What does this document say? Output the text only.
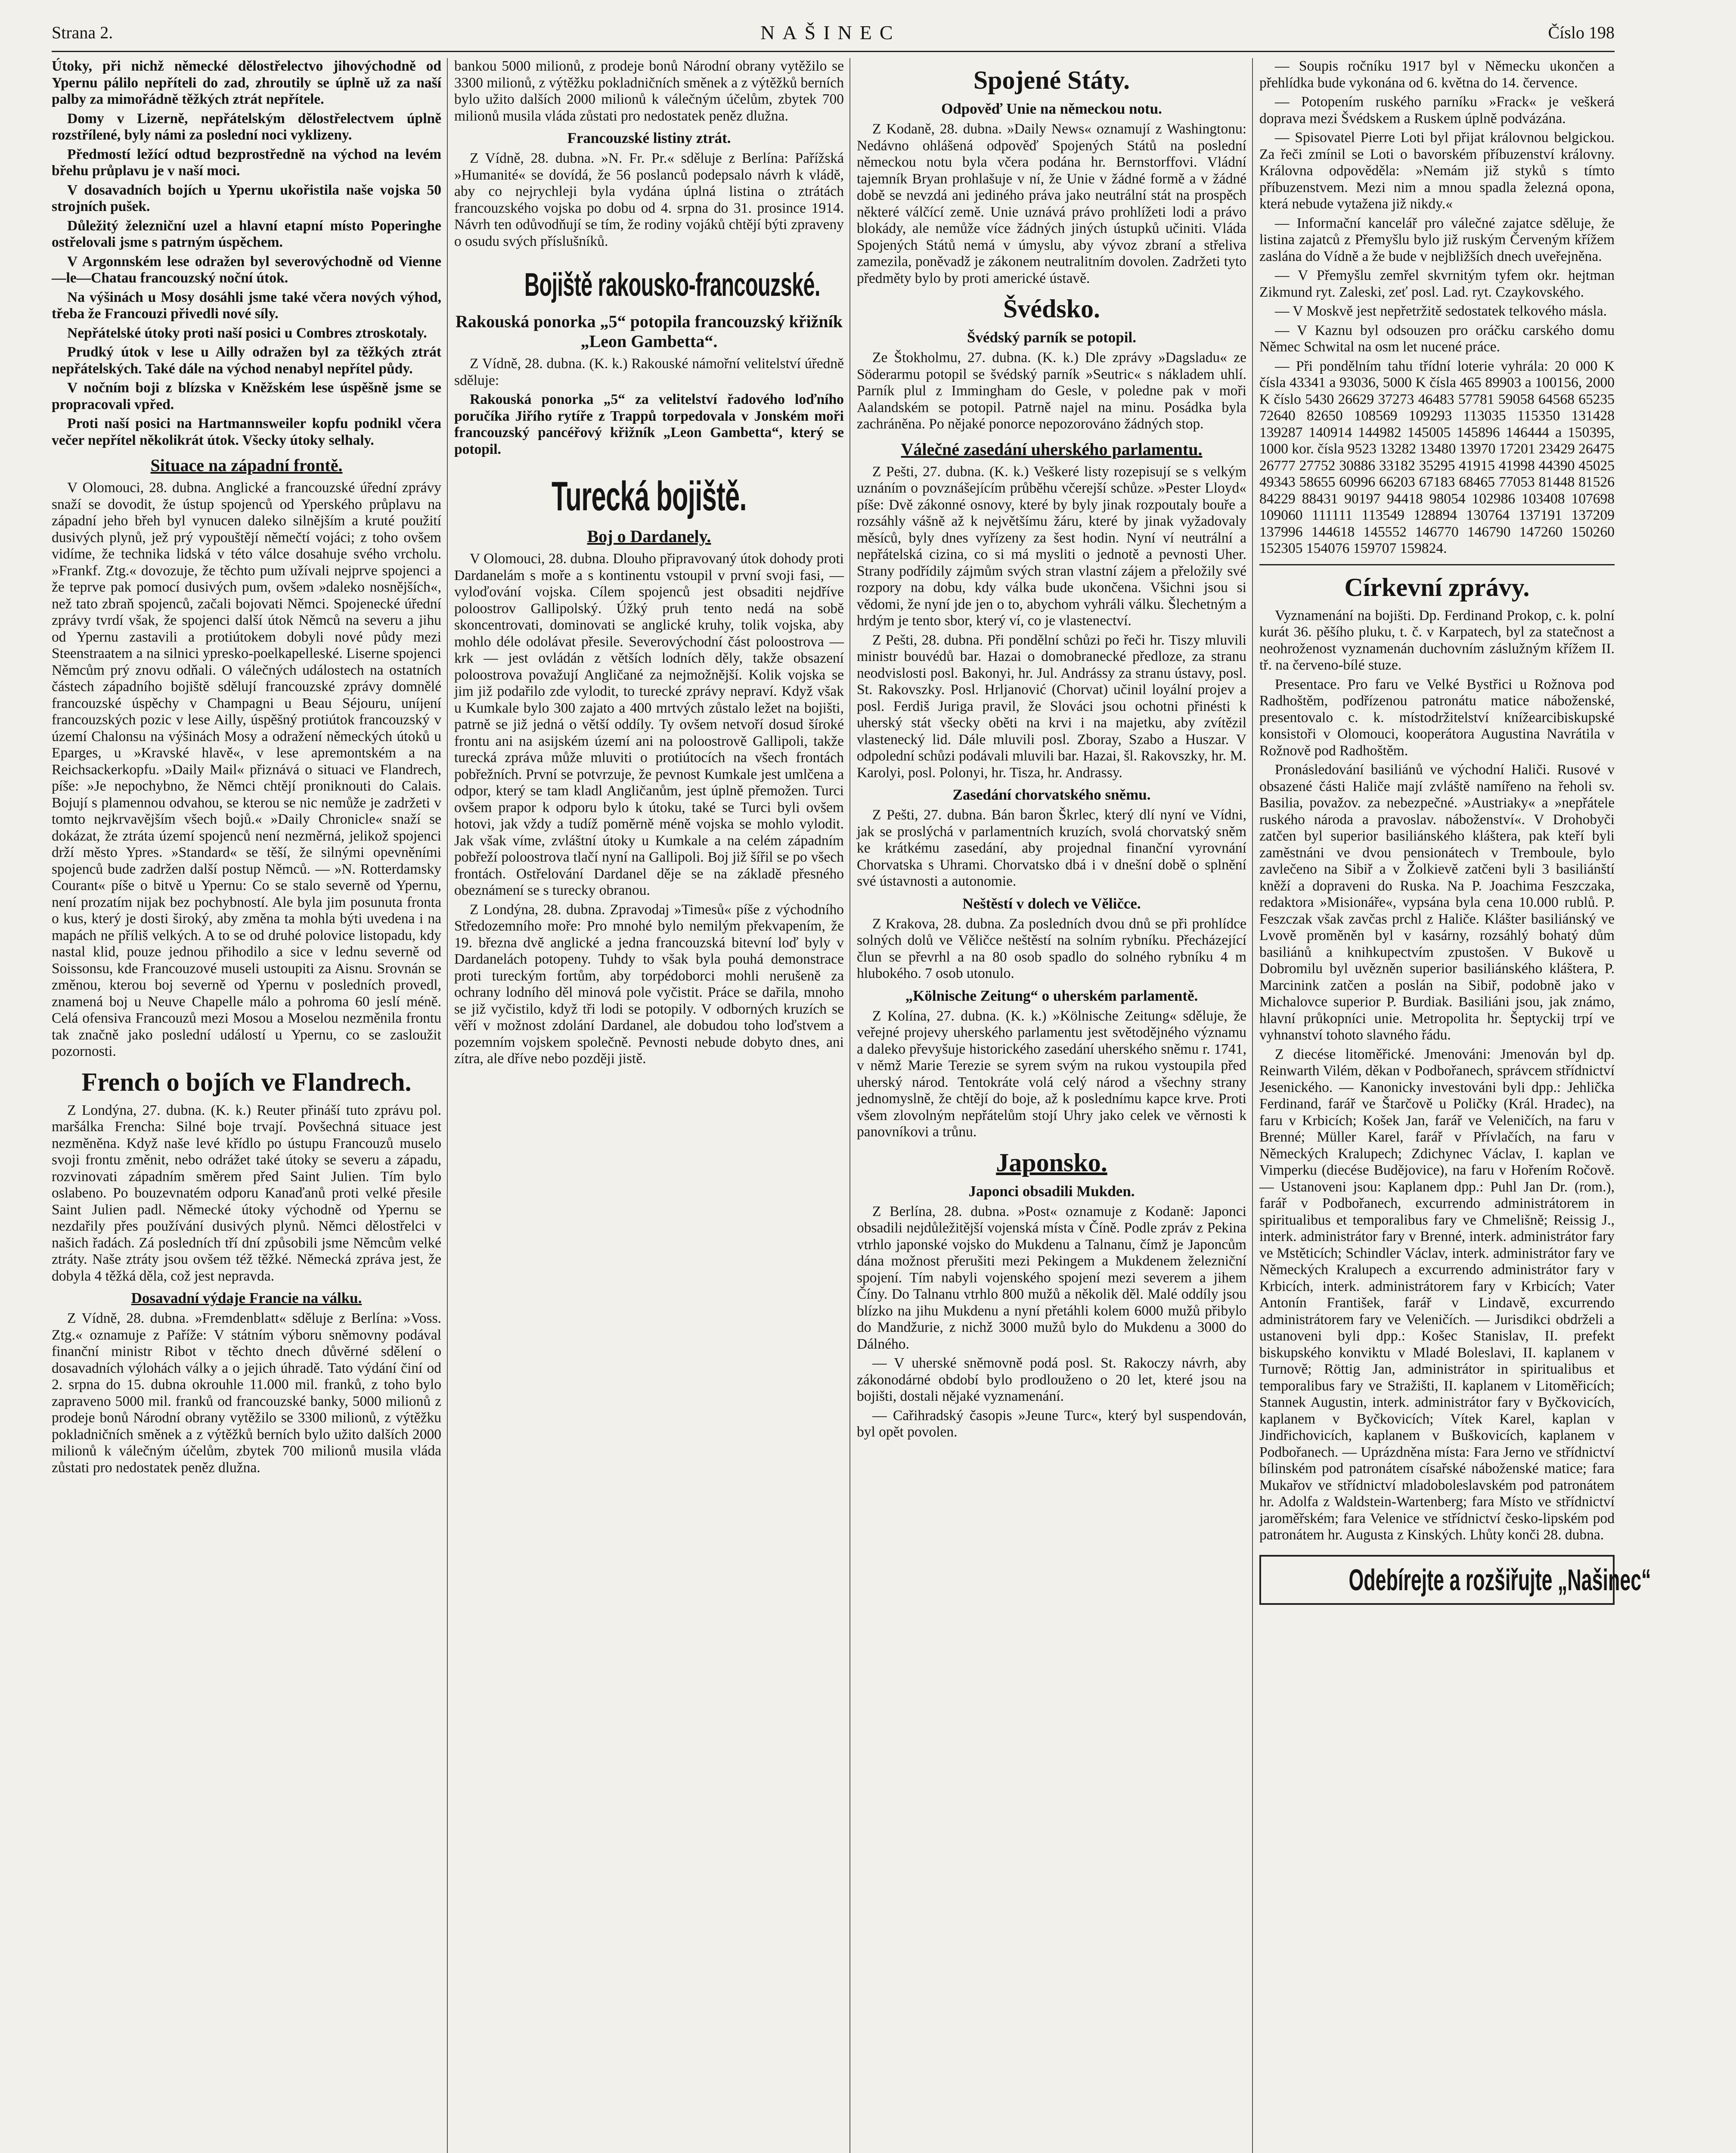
Strana 2.	NAŠINEC	Číslo 198

Útoky, při nichž německé dělostřelectvo jihovýchodně od Ypernu pálilo nepříteli do zad, zhroutily se úplně už za naší palby za mimořádně těžkých ztrát nepřítele.

Domy v Lizerně, nepřátelským dělostřelectvem úplně rozstřílené, byly námi za poslední noci vyklizeny.

Předmostí ležící odtud bezprostředně na východ na levém břehu průplavu je v naší moci.

V dosavadních bojích u Ypernu ukořistila naše vojska 50 strojních pušek.

Důležitý železniční uzel a hlavní etapní místo Poperinghe ostřelovali jsme s patrným úspěchem.

V Argonnském lese odražen byl severovýchodně od Vienne—le—Chatau francouzský noční útok.

Na výšinách u Mosy dosáhli jsme také včera nových výhod, třeba že Francouzi přivedli nové síly.

Nepřátelské útoky proti naší posici u Combres ztroskotaly.

Prudký útok v lese u Ailly odražen byl za těžkých ztrát nepřátelských. Také dále na východ nenabyl nepřítel půdy.

V nočním boji z blízska v Kněžském lese úspěšně jsme se propracovali vpřed.

Proti naší posici na Hartmannsweiler kopfu podnikl včera večer nepřítel několikrát útok. Všecky útoky selhaly.

Situace na západní frontě.

V Olomouci, 28. dubna. Anglické a francouzské úřední zprávy snaží se dovodit, že ústup spojenců od Yperského průplavu na západní jeho břeh byl vynucen daleko silnějším a kruté použití dusivých plynů, jež prý vypouštějí němečtí vojáci; z toho ovšem vidíme, že technika lidská v této válce dosahuje svého vrcholu. »Frankf. Ztg.« dovozuje, že těchto pum užívali nejprve spojenci a že teprve pak pomocí dusivých pum, ovšem »daleko nosnějších«, než tato zbraň spojenců, začali bojovati Němci. Spojenecké úřední zprávy tvrdí však, že spojenci další útok Němců na severu a jihu od Ypernu zastavili a protiútokem dobyli nové půdy mezi Steenstraatem a na silnici ypresko-poelkapelleské. Liserne spojenci Němcům prý znovu odňali. O válečných událostech na ostatních částech západního bojiště sdělují francouzské zprávy domnělé francouzské úspěchy v Champagni u Beau Séjouru, uníjení francouzských pozic v lese Ailly, úspěšný protiútok francouzský v území Chalonsu na výšinách Mosy a odražení německých útoků u Eparges, u »Kravské hlavě«, v lese apremontském a na Reichsackerkopfu. »Daily Mail« přiznává o situaci ve Flandrech, píše: »Je nepochybno, že Němci chtějí proniknouti do Calais. Bojují s plamennou odvahou, se kterou se nic nemůže je zadržeti v tomto nejkrvavějším všech bojů.« »Daily Chronicle« snaží se dokázat, že ztráta území spojenců není nezměrná, jelikož spojenci drží město Ypres. »Standard« se těší, že silnými opevněními spojenců bude zadržen další postup Němců. — »N. Rotterdamsky Courant« píše o bitvě u Ypernu: Co se stalo severně od Ypernu, není prozatím nijak bez pochybností. Ale byla jim posunuta fronta o kus, který je dosti široký, aby změna ta mohla býti uvedena i na mapách ne příliš velkých. A to se od druhé polovice listopadu, kdy nastal klid, pouze jednou přihodilo a sice v lednu severně od Soissonsu, kde Francouzové museli ustoupiti za Aisnu. Srovnán se změnou, kterou boj severně od Ypernu v posledních provedl, znamená boj u Neuve Chapelle málo a pohroma 60 jeslí méně. Celá ofensiva Francouzů mezi Mosou a Moselou nezměnila frontu tak značně jako poslední událostí u Ypernu, co se zasloužit pozornosti.

French o bojích ve Flandrech.

Z Londýna, 27. dubna. (K. k.) Reuter přináší tuto zprávu pol. maršálka Frencha: Silné boje trvají. Povšechná situace jest nezměněna. Když naše levé křídlo po ústupu Francouzů muselo svoji frontu změnit, nebo odrážet také útoky se severu a západu, rozvinovati západním směrem před Saint Julien. Tím bylo oslabeno. Po bouzevnatém odporu Kanaďanů proti velké přesile Saint Julien padl. Německé útoky východně od Ypernu se nezdařily přes používání dusivých plynů. Němci dělostřelci v našich řadách. Zá posledních tří dní způsobili jsme Němcům velké ztráty. Naše ztráty jsou ovšem též těžké. Německá zpráva jest, že dobyla 4 těžká děla, což jest nepravda.

Dosavadní výdaje Francie na válku.

Z Vídně, 28. dubna. »Fremdenblatt« sděluje z Berlína: »Voss. Ztg.« oznamuje z Paříže: V státním výboru sněmovny podával finanční ministr Ribot v těchto dnech důvěrné sdělení o dosavadních výlohách války a o jejich úhradě. Tato výdání činí od 2. srpna do 15. dubna okrouhle 11.000 mil. franků, z toho bylo zapraveno 5000 mil. franků od francouzské banky, 5000 milionů z prodeje bonů Národní obrany vytěžilo se 3300 milionů, z výtěžku pokladničních směnek a z výtěžků berních bylo užito dalších 2000 milionů k válečným účelům, zbytek 700 milionů musila vláda zůstati pro nedostatek peněz dlužna.

bankou 5000 milionů, z prodeje bonů Národní obrany vytěžilo se 3300 milionů, z výtěžku pokladničních směnek a z výtěžků berních bylo užito dalších 2000 milionů k válečným účelům, zbytek 700 milionů musila vláda zůstati pro nedostatek peněz dlužna.

Francouzské listiny ztrát.

Z Vídně, 28. dubna. »N. Fr. Pr.« sděluje z Berlína: Pařížská »Humanité« se dovídá, že 56 poslanců podepsalo návrh k vládě, aby co nejrychleji byla vydána úplná listina o ztrátách francouzského vojska po dobu od 4. srpna do 31. prosince 1914. Návrh ten odůvodňují se tím, že rodiny vojáků chtějí býti zpraveny o osudu svých příslušníků.

Bojiště rakousko-francouzské.
Rakouská ponorka „5“ potopila francouzský křižník „Leon Gambetta“.

Z Vídně, 28. dubna. (K. k.) Rakouské námořní velitelství úředně sděluje:

Rakouská ponorka „5“ za velitelství řadového loďního poručíka Jiřího rytíře z Trappů torpedovala v Jonském moři francouzský pancéřový křižník „Leon Gambetta“, který se potopil.

Turecká bojiště.
Boj o Dardanely.

V Olomouci, 28. dubna. Dlouho připravovaný útok dohody proti Dardanelám s moře a s kontinentu vstoupil v první svoji fasi, — vyloďování vojska. Cílem spojenců jest obsaditi nejdříve poloostrov Gallipolský. Úžký pruh tento nedá na sobě skoncentrovati, dominovati se anglické kruhy, tolik vojska, aby mohlo déle odolávat přesile. Severovýchodní část poloostrova — krk — jest ovládán z větších lodních děly, takže obsazení poloostrova považují Angličané za nejmožnější. Kolik vojska se jim již podařilo zde vylodit, to turecké zprávy nepraví. Když však u Kumkale bylo 300 zajato a 400 mrtvých zůstalo ležet na bojišti, patrně se již jedná o větší oddíly. Ty ovšem netvoří dosud šíroké frontu ani na asijském území ani na poloostrově Gallipoli, takže turecká zpráva může mluviti o protiútocích na všech frontách pobřežních. První se potvrzuje, že pevnost Kumkale jest umlčena a odpor, který se tam kladl Angličanům, jest úplně přemožen. Turci ovšem prapor k odporu bylo k útoku, také se Turci byli ovšem hotovi, jak vždy a tudíž poměrně méně vojska se mohlo vylodit. Jak však víme, zvláštní útoky u Kumkale a na celém západním pobřeží poloostrova tlačí nyní na Gallipoli. Boj již šířil se po všech frontách. Ostřelování Dardanel děje se na základě přesného obeznámení se s turecky obranou.

Z Londýna, 28. dubna. Zpravodaj »Timesů« píše z východního Středozemního moře: Pro mnohé bylo nemilým překvapením, že 19. března dvě anglické a jedna francouzská bitevní loď byly v Dardanelách potopeny. Tuhdy to však byla pouhá demonstrace proti tureckým fortům, aby torpédoborci mohli nerušeně za ochrany lodního děl minová pole vyčistit. Práce se dařila, mnoho se již vyčistilo, když tři lodi se potopily. V odborných kruzích se věří v možnost zdolání Dardanel, ale dobudou toho loďstvem a pozemním vojskem společně. Pevnosti nebude dobyto dnes, ani zítra, ale dříve nebo později jistě.

Spojené Státy.
Odpověď Unie na německou notu.

Z Kodaně, 28. dubna. »Daily News« oznamují z Washingtonu: Nedávno ohlášená odpověď Spojených Států na poslední německou notu byla včera podána hr. Bernstorffovi. Vládní tajemník Bryan prohlašuje v ní, že Unie v žádné formě a v žádné době se nevzdá ani jediného práva jako neutrální stát na prospěch některé válčící země. Unie uznává právo prohlížeti lodi a právo blokády, ale nemůže více žádných jiných ústupků učiniti. Vláda Spojených Států nemá v úmyslu, aby vývoz zbraní a střeliva zamezila, poněvadž je zákonem neutralitním dovolen. Zadržeti tyto předměty bylo by proti americké ústavě.

Švédsko.
Švédský parník se potopil.

Ze Štokholmu, 27. dubna. (K. k.) Dle zprávy »Dagsladu« ze Söderarmu potopil se švédský parník »Seutric« s nákladem uhlí. Parník plul z Immingham do Gesle, v poledne pak v moři Aalandském se potopil. Patrně najel na minu. Posádka byla zachráněna. Po nějaké ponorce nepozorováno žádných stop.

Válečné zasedání uherského parlamentu.

Z Pešti, 27. dubna. (K. k.) Veškeré listy rozepisují se s velkým uznáním o povznášejícím průběhu včerejší schůze. »Pester Lloyd« píše: Dvě zákonné osnovy, které by byly jinak rozpoutaly bouře a rozsáhly vášně až k největšímu žáru, které by jinak vyžadovaly měsíců, byly dnes vyřízeny za šest hodin. Nyní ví neutrální a nepřátelská cizina, co si má mysliti o jednotě a pevnosti Uher. Strany podřídily zájmům svých stran vlastní zájem a přeložily své rozpory na dobu, kdy válka bude ukončena. Všichni jsou si vědomi, že nyní jde jen o to, abychom vyhráli válku. Šlechetným a hrdým je tento sbor, který ví, co je vlastenectví.

Z Pešti, 28. dubna. Při pondělní schůzi po řeči hr. Tiszy mluvili ministr bouvédů bar. Hazai o domobranecké předloze, za stranu neodvislosti posl. Bakonyi, hr. Jul. Andrássy za stranu ústavy, posl. St. Rakovszky. Posl. Hrljanović (Chorvat) učinil loyální projev a posl. Ferdiš Juriga pravil, že Slováci jsou ochotni přinésti k uherský stát všecky oběti na krvi i na majetku, aby zvítězil vlastenecký lid. Dále mluvili posl. Zboray, Szabo a Huszar. V odpolední schůzi podávali mluvili bar. Hazai, šl. Rakovszky, hr. M. Karolyi, posl. Polonyi, hr. Tisza, hr. Andrassy.

Zasedání chorvatského sněmu.

Z Pešti, 27. dubna. Bán baron Škrlec, který dlí nyní ve Vídni, jak se proslýchá v parlamentních kruzích, svolá chorvatský sněm ke krátkému zasedání, aby projednal finanční vyrovnání Chorvatska s Uhrami. Chorvatsko dbá i v dnešní době o splnění své ústavnosti a autonomie.

Neštěstí v dolech ve Věličce.

Z Krakova, 28. dubna. Za posledních dvou dnů se při prohlídce solných dolů ve Věličce neštěstí na solním rybníku. Přecházející člun se převrhl a na 80 osob spadlo do solného rybníku 4 m hlubokého. 7 osob utonulo.

„Kölnische Zeitung“ o uherském parlamentě.

Z Kolína, 27. dubna. (K. k.) »Kölnische Zeitung« sděluje, že veřejné projevy uherského parlamentu jest světodějného významu a daleko převyšuje historického zasedání uherského sněmu r. 1741, v němž Marie Terezie se syrem svým na rukou vystoupila před uherský národ. Tentokráte volá celý národ a všechny strany jednomyslně, že chtějí do boje, až k poslednímu kapce krve. Proti všem zlovolným nepřátelům stojí Uhry jako celek ve věrnosti k panovníkovi a trůnu.

Japonsko.
Japonci obsadili Mukden.

Z Berlína, 28. dubna. »Post« oznamuje z Kodaně: Japonci obsadili nejdůležitější vojenská místa v Číně. Podle zpráv z Pekina vtrhlo japonské vojsko do Mukdenu a Talnanu, čímž je Japoncům dána možnost přerušiti mezi Pekingem a Mukdenem železniční spojení. Tím nabyli vojenského spojení mezi severem a jihem Číny. Do Talnanu vtrhlo 800 mužů a několik děl. Malé oddíly jsou blízko na jihu Mukdenu a nyní přetáhli kolem 6000 mužů přibylo do Mandžurie, z nichž 3000 mužů bylo do Mukdenu a 3000 do Dálného.

— V uherské sněmovně podá posl. St. Rakoczy návrh, aby zákonodárné období bylo prodlouženo o 20 let, které jsou na bojišti, dostali nějaké vyznamenání.

— Cařihradský časopis »Jeune Turc«, který byl suspendován, byl opět povolen.

— Soupis ročníku 1917 byl v Německu ukončen a přehlídka bude vykonána od 6. května do 14. července.

— Potopením ruského parníku »Frack« je veškerá doprava mezi Švédskem a Ruskem úplně podvázána.

— Spisovatel Pierre Loti byl přijat královnou belgickou. Za řeči zmínil se Loti o bavorském příbuzenství královny. Královna odpověděla: »Nemám již styků s tímto příbuzenstvem. Mezi nim a mnou spadla železná opona, která nebude vytažena již nikdy.«

— Informační kancelář pro válečné zajatce sděluje, že listina zajatců z Přemyšlu bylo již ruským Červeným křížem zaslána do Vídně a že bude v nejbližších dnech uveřejněna.

— V Přemyšlu zemřel skvrnitým tyfem okr. hejtman Zikmund ryt. Zaleski, zeť posl. Lad. ryt. Czaykovského.

— V Moskvě jest nepřetržitě sedostatek telkového másla.

— V Kaznu byl odsouzen pro oráčku carského domu Němec Schwital na osm let nucené práce.

— Při pondělním tahu třídní loterie vyhrála: 20 000 K čísla 43341 a 93036, 5000 K čísla 465 89903 a 100156, 2000 K číslo 5430 26629 37273 46483 57781 59058 64568 65235 72640 82650 108569 109293 113035 115350 131428 139287 140914 144982 145005 145896 146444 a 150395, 1000 kor. čísla 9523 13282 13480 13970 17201 23429 26475 26777 27752 30886 33182 35295 41915 41998 44390 45025 49343 58655 60996 66203 67183 68465 77053 81448 81526 84229 88431 90197 94418 98054 102986 103408 107698 109060 111111 113549 128894 130764 137191 137209 137996 144618 145552 146770 146790 147260 150260 152305 154076 159707 159824.

Církevní zprávy.

Vyznamenání na bojišti. Dp. Ferdinand Prokop, c. k. polní kurát 36. pěšího pluku, t. č. v Karpatech, byl za statečnost a neohroženost vyznamenán duchovním záslužným křížem II. tř. na červeno-bílé stuze.

Presentace. Pro faru ve Velké Bystřici u Rožnova pod Radhoštěm, podřízenou patronátu matice náboženské, presentovalo c. k. místodržitelství knížearcibiskupské konsistoři v Olomouci, kooperátora Augustina Navrátila v Rožnově pod Radhoštěm.

Pronásledování basiliánů ve východní Haliči. Rusové v obsazené části Haliče mají zvláště namířeno na řeholi sv. Basilia, považov. za nebezpečné. »Austriaky« a »nepřátele ruského národa a pravoslav. náboženství«. V Drohobyči zatčen byl superior basiliánského kláštera, pak kteří byli zaměstnáni ve dvou pensionátech v Tremboule, bylo zavlečeno na Sibiř a v Žolkievě zatčeni byli 3 basiliánští kněží a dopraveni do Ruska. Na P. Joachima Feszczaka, redaktora »Misionáře«, vypsána byla cena 10.000 rublů. P. Feszczak však zavčas prchl z Haliče. Klášter basiliánský ve Lvově proměněn byl v kasárny, rozsáhlý bohatý dům basiliánů a knihkupectvím zpustošen. V Bukově u Dobromilu byl uvězněn superior basiliánského kláštera, P. Marcinink zatčen a poslán na Sibiř, podobně jako v Michalovce superior P. Burdiak. Basiliáni jsou, jak známo, hlavní průkopníci unie. Metropolita hr. Šeptyckij trpí ve vyhnanství tohoto slavného řádu.

Z diecése litoměřické. Jmenováni: Jmenován byl dp. Reinwarth Vilém, děkan v Podbořanech, správcem střídnictví Jesenického. — Kanonicky investováni byli dpp.: Jehlička Ferdinand, farář ve Štarčově u Poličky (Král. Hradec), na faru v Krbicích; Košek Jan, farář ve Veleničích, na faru v Brenné; Müller Karel, farář v Přívlačích, na faru v Německých Kralupech; Zdichynec Václav, I. kaplan ve Vimperku (diecése Budějovice), na faru v Hořením Ročově. — Ustanoveni jsou: Kaplanem dpp.: Puhl Jan Dr. (rom.), farář v Podbořanech, excurrendo administrátorem in spiritualibus et temporalibus fary ve Chmelišně; Reissig J., interk. administrátor fary v Brenné, interk. administrátor fary ve Mstěticích; Schindler Václav, interk. administrátor fary ve Německých Kralupech a excurrendo administrátor fary v Krbicích, interk. administrátorem fary v Krbicích; Vater Antonín František, farář v Lindavě, excurrendo administrátorem fary ve Veleničích. — Jurisdikci obdrželi a ustanoveni byli dpp.: Košec Stanislav, II. prefekt biskupského konviktu v Mladé Boleslavi, II. kaplanem v Turnově; Röttig Jan, administrátor in spiritualibus et temporalibus fary ve Stražišti, II. kaplanem v Litoměřicích; Stannek Augustin, interk. administrátor fary v Byčkovicích, kaplanem v Byčkovicích; Vítek Karel, kaplan v Jindřichovicích, kaplanem v Buškovicích, kaplanem v Podbořanech. — Uprázdněna místa: Fara Jerno ve střídnictví bílinském pod patronátem císařské náboženské matice; fara Mukařov ve střídnictví mladoboleslavském pod patronátem hr. Adolfa z Waldstein-Wartenberg; fara Místo ve střídnictví jaroměřském; fara Velenice ve střídnictví česko-lipském pod patronátem hr. Augusta z Kinských. Lhůty konči 28. dubna.

Odebírejte a rozšiřujte „Našinec“
